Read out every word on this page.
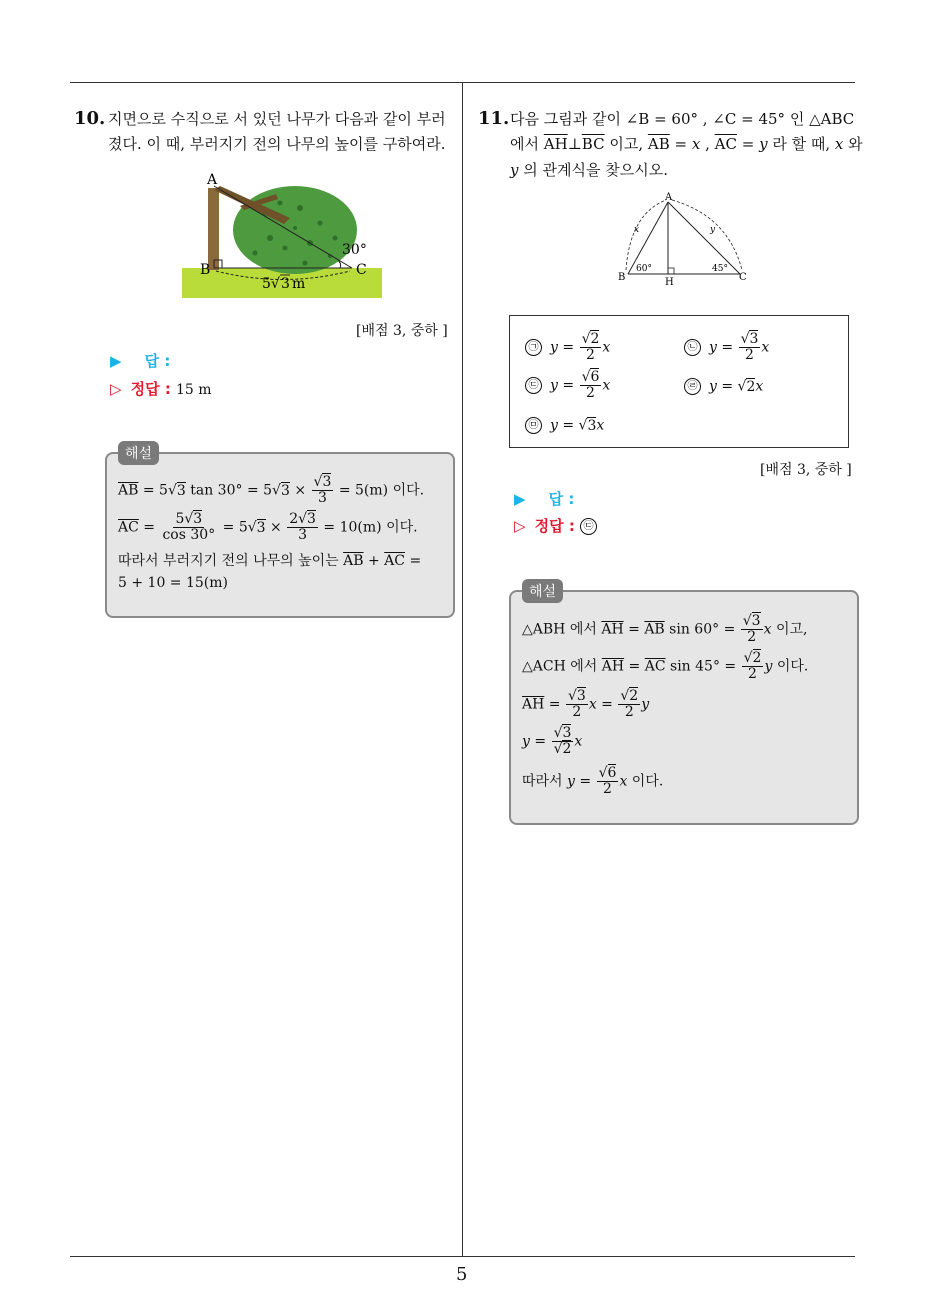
5
10. 지면으로 수직으로 서 있던 나무가 다음과 같이 부러
졌다. 이 때, 부러지기 전의 나무의 높이를 구하여라.
A
B	C
30°
5 √ 3 m
[배점 3, 중하 ]
▶ 답 :
▷ 정답 : 15 m
해설
$\overline{AB} = 5√3$ $\tan 30^\circ = 5√3 \times \frac{√3}{3} = 5(m)$ 이다.
$\overline{AC} = \frac{5√3}{\cos 30^\circ} = 5√3 \times \frac{2√3}{3} = 10(m)$ 이다.
따라서 부러지기 전의 나무의 높이는 $\overline{AB} + \overline{AC}$ =
5 + 10 = 15(m)
11. 다음 그림과 같이 ∠B = 60° , ∠C = 45° 인 △ABC
에서 $\overline{AH}\perp\overline{BC}$ 이고, $\overline{AB} = x$ , $\overline{AC} = y$ 라 할 때, x 와
y 의 관계식을 찾으시오.
A
B	H	C
60°	45°
x	y
㉠ $y = \frac{√2}{2}$ x	㉡ $y = \frac{√3}{2}$ x
㉢ $y = \frac{√6}{2}$ x	㉣ y = √2x
㉤ y = √3x
[배점 3, 중하 ]
▶ 답 :
▷ 정답 : ㉢
해설
△ABH 에서 $\overline{AH} = \overline{AB}$ $\sin 60^\circ = \frac{√3}{2}$ x 이고,
△ACH 에서 $\overline{AH} = \overline{AC}$ $\sin 45^\circ = \frac{√2}{2}$ y 이다.
$\overline{AH} = \frac{√3}{2}$ $x = \frac{√2}{2}$ y
$y = \frac{√3}{√2}$ x
따라서 $y = \frac{√6}{2}$ x 이다.
